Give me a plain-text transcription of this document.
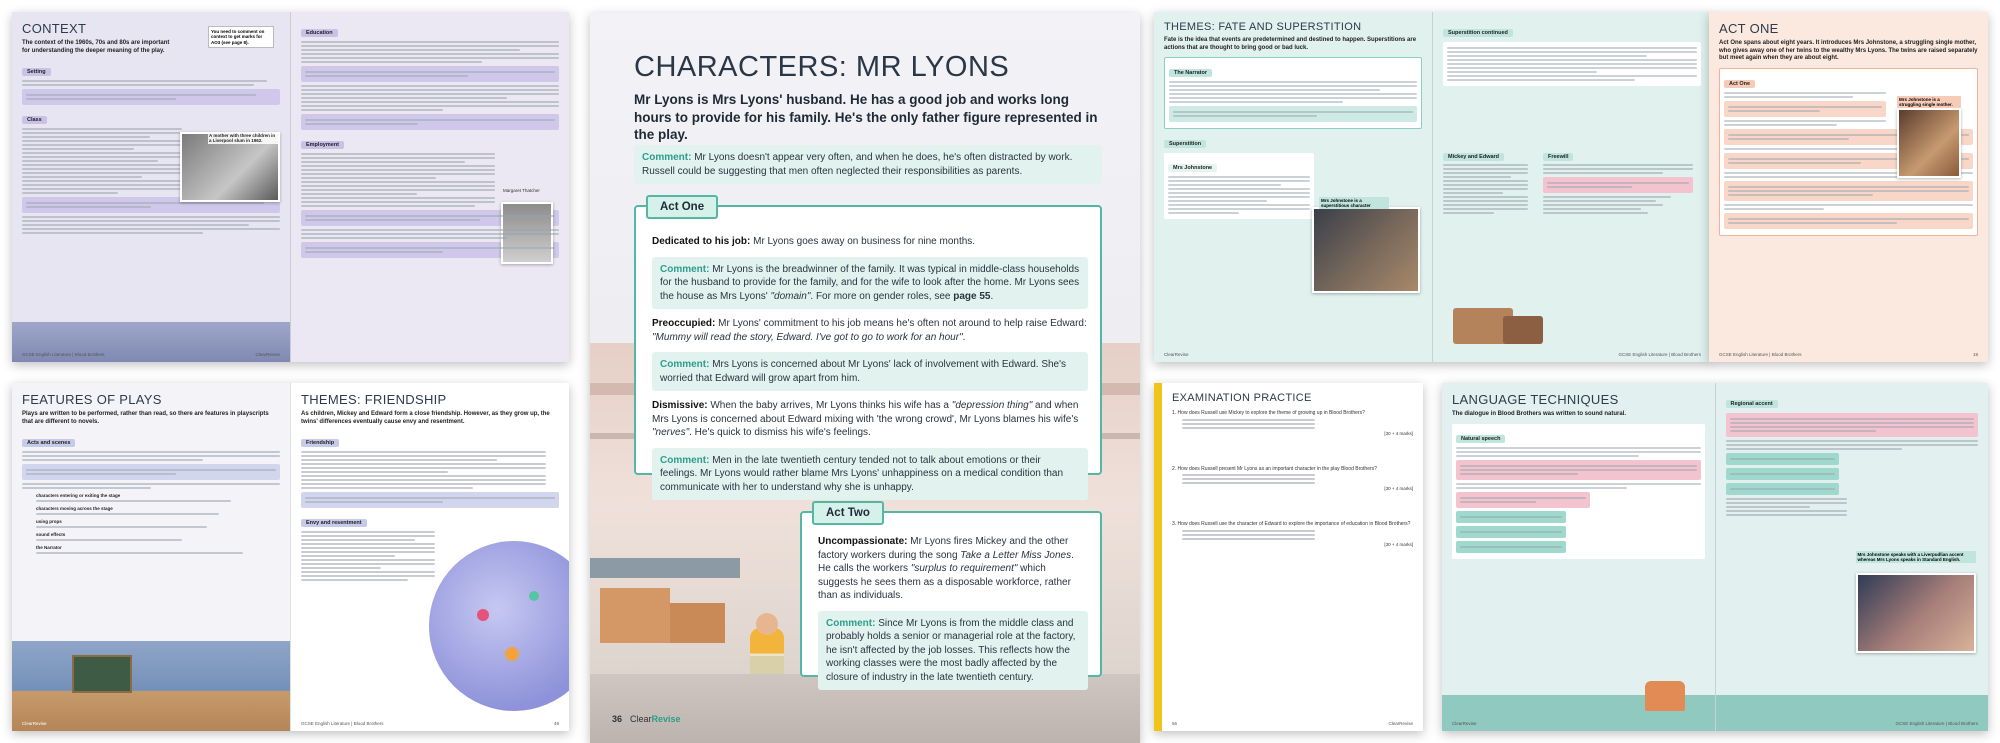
CONTEXT
The context of the 1960s, 70s and 80s are important for understanding the deeper meaning of the play.
You need to comment on context to get marks for AO3 (see page 8).
Setting
Class
A mother with three children in a Liverpool slum in 1962.
GCSE English Literature | Blood Brothers	ClearRevise
Education
Employment
Margaret Thatcher
FEATURES OF PLAYS
Plays are written to be performed, rather than read, so there are features in playscripts that are different to novels.
Acts and scenes
characters entering or exiting the stage
characters moving across the stage
using props
sound effects
the Narrator
ClearRevise
THEMES: FRIENDSHIP
As children, Mickey and Edward form a close friendship. However, as they grow up, the twins' differences eventually cause envy and resentment.
Friendship
Envy and resentment
GCSE English Literature | Blood Brothers	49
CHARACTERS: MR LYONS
Mr Lyons is Mrs Lyons' husband. He has a good job and works long hours to provide for his family. He's the only father figure represented in the play.
Comment: Mr Lyons doesn't appear very often, and when he does, he's often distracted by work. Russell could be suggesting that men often neglected their responsibilities as parents.
Act One
Dedicated to his job: Mr Lyons goes away on business for nine months.
Comment: Mr Lyons is the breadwinner of the family. It was typical in middle-class households for the husband to provide for the family, and for the wife to look after the home. Mr Lyons sees the house as Mrs Lyons' "domain". For more on gender roles, see page 55.
Preoccupied: Mr Lyons' commitment to his job means he's often not around to help raise Edward: "Mummy will read the story, Edward. I've got to go to work for an hour".
Comment: Mrs Lyons is concerned about Mr Lyons' lack of involvement with Edward. She's worried that Edward will grow apart from him.
Dismissive: When the baby arrives, Mr Lyons thinks his wife has a "depression thing" and when Mrs Lyons is concerned about Edward mixing with 'the wrong crowd', Mr Lyons blames his wife's "nerves". He's quick to dismiss his wife's feelings.
Comment: Men in the late twentieth century tended not to talk about emotions or their feelings. Mr Lyons would rather blame Mrs Lyons' unhappiness on a medical condition than communicate with her to understand why she is unhappy.
Act Two
Uncompassionate: Mr Lyons fires Mickey and the other factory workers during the song Take a Letter Miss Jones. He calls the workers "surplus to requirement" which suggests he sees them as a disposable workforce, rather than as individuals.
Comment: Since Mr Lyons is from the middle class and probably holds a senior or managerial role at the factory, he isn't affected by the job losses. This reflects how the working classes were the most badly affected by the closure of industry in the late twentieth century.
36 ClearRevise
THEMES: FATE AND SUPERSTITION
Fate is the idea that events are predetermined and destined to happen. Superstitions are actions that are thought to bring good or bad luck.
The Narrator
Superstition
Mrs Johnstone
Mrs Johnstone is a superstitious character
ClearRevise
Superstition continued
Mickey and Edward	Freewill
GCSE English Literature | Blood Brothers
ACT ONE
Act One spans about eight years. It introduces Mrs Johnstone, a struggling single mother, who gives away one of her twins to the wealthy Mrs Lyons. The twins are raised separately but meet again when they are about eight.
Act One
Mrs Johnstone is a struggling single mother.
GCSE English Literature | Blood Brothers	19
EXAMINATION PRACTICE
1. How does Russell use Mickey to explore the theme of growing up in Blood Brothers?
[30 + 4 marks]
2. How does Russell present Mr Lyons as an important character in the play Blood Brothers?
[30 + 4 marks]
3. How does Russell use the character of Edward to explore the importance of education in Blood Brothers?
[30 + 4 marks]
56	ClearRevise
LANGUAGE TECHNIQUES
The dialogue in Blood Brothers was written to sound natural.
Natural speech
ClearRevise
Regional accent
Mrs Johnstone speaks with a Liverpudlian accent whereas Mrs Lyons speaks in Standard English.
GCSE English Literature | Blood Brothers
